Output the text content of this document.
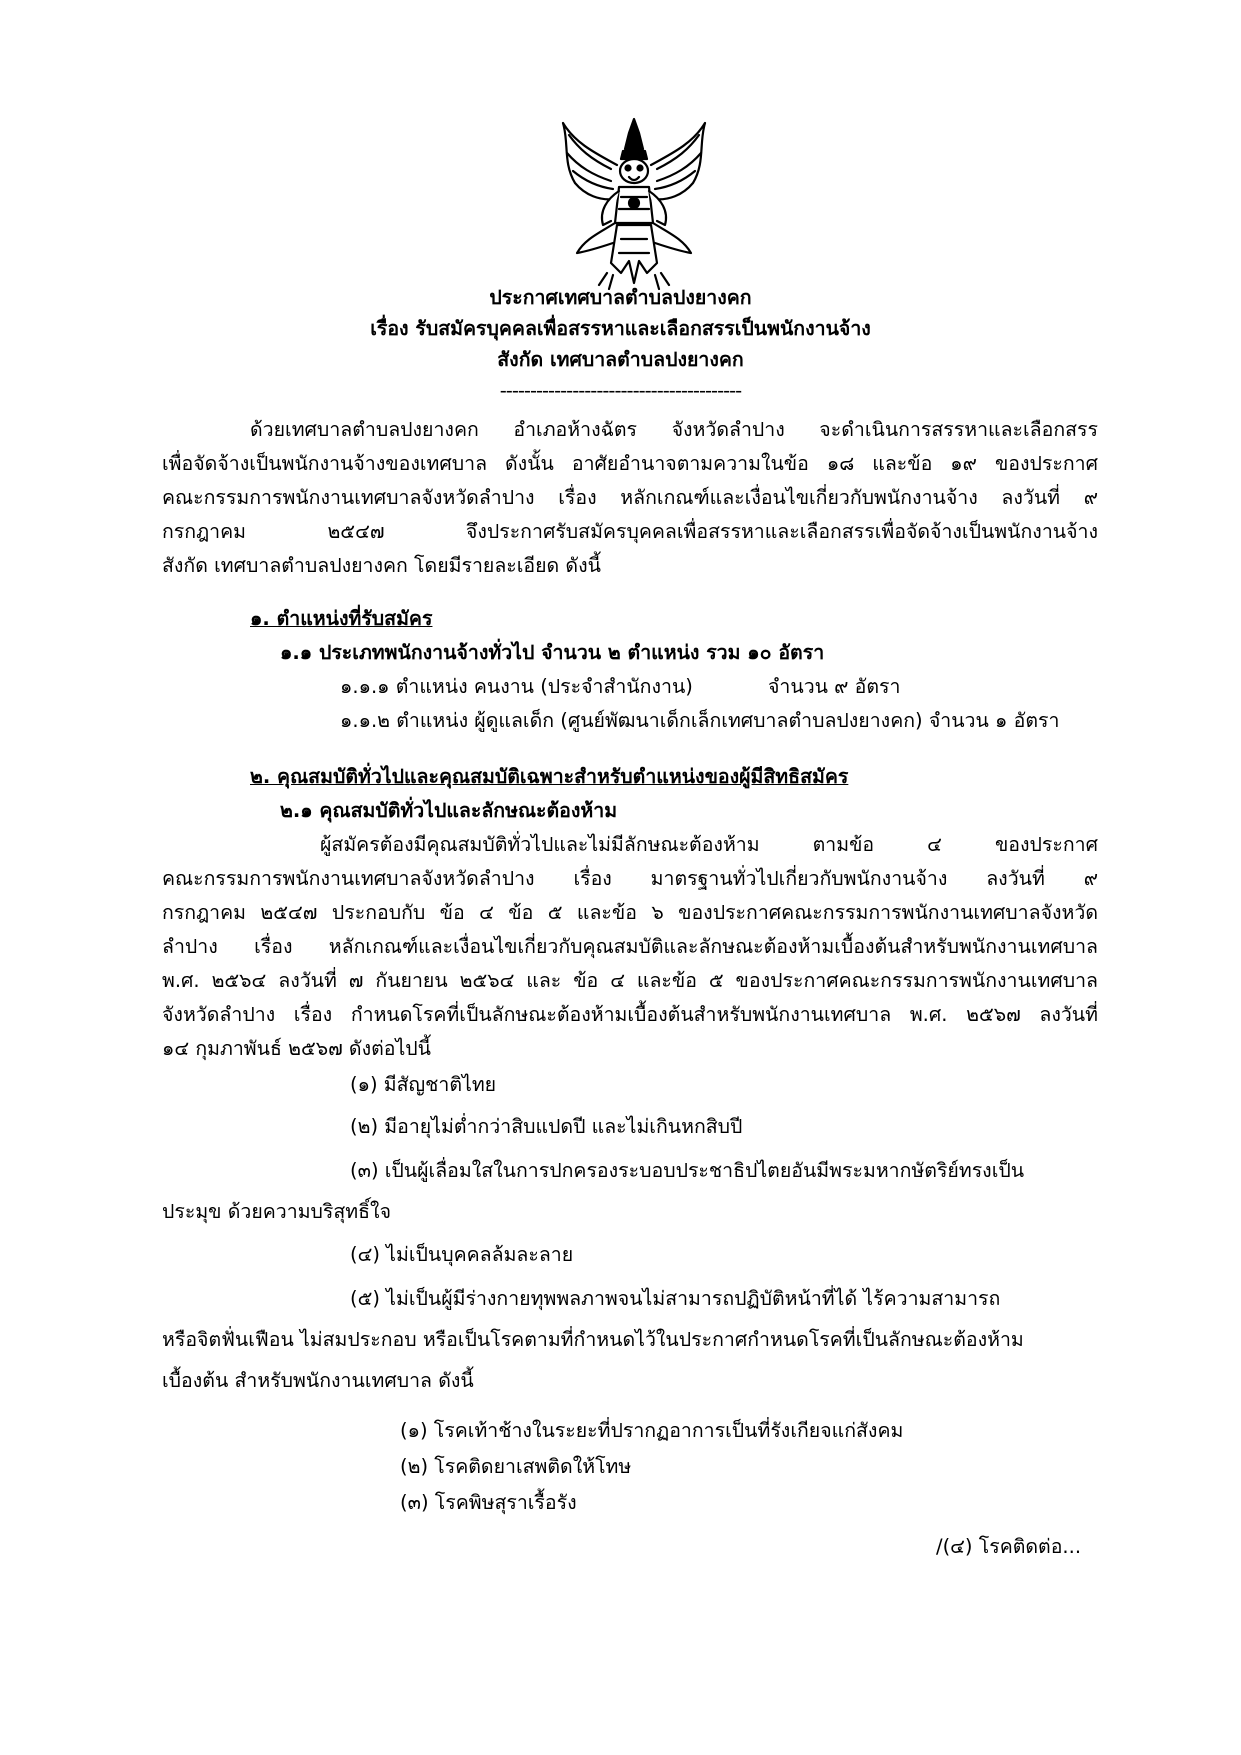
ประกาศเทศบาลตำบลปงยางคก
เรื่อง รับสมัครบุคคลเพื่อสรรหาและเลือกสรรเป็นพนักงานจ้าง
สังกัด เทศบาลตำบลปงยางคก
----------------------------------------
ด้วยเทศบาลตำบลปงยางคก อำเภอห้างฉัตร จังหวัดลำปาง จะดำเนินการสรรหาและเลือกสรร
เพื่อจัดจ้างเป็นพนักงานจ้างของเทศบาล ดังนั้น อาศัยอำนาจตามความในข้อ ๑๘ และข้อ ๑๙ ของประกาศ
คณะกรรมการพนักงานเทศบาลจังหวัดลำปาง เรื่อง หลักเกณฑ์และเงื่อนไขเกี่ยวกับพนักงานจ้าง ลงวันที่ ๙
กรกฎาคม ๒๕๔๗ จึงประกาศรับสมัครบุคคลเพื่อสรรหาและเลือกสรรเพื่อจัดจ้างเป็นพนักงานจ้าง
สังกัด เทศบาลตำบลปงยางคก โดยมีรายละเอียด ดังนี้
๑. ตำแหน่งที่รับสมัคร
๑.๑ ประเภทพนักงานจ้างทั่วไป จำนวน ๒ ตำแหน่ง รวม ๑๐ อัตรา
๑.๑.๑ ตำแหน่ง คนงาน (ประจำสำนักงาน)	จำนวน ๙ อัตรา
๑.๑.๒ ตำแหน่ง ผู้ดูแลเด็ก (ศูนย์พัฒนาเด็กเล็กเทศบาลตำบลปงยางคก) จำนวน ๑ อัตรา
๒. คุณสมบัติทั่วไปและคุณสมบัติเฉพาะสำหรับตำแหน่งของผู้มีสิทธิสมัคร
๒.๑ คุณสมบัติทั่วไปและลักษณะต้องห้าม
ผู้สมัครต้องมีคุณสมบัติทั่วไปและไม่มีลักษณะต้องห้าม ตามข้อ ๔ ของประกาศ
คณะกรรมการพนักงานเทศบาลจังหวัดลำปาง เรื่อง มาตรฐานทั่วไปเกี่ยวกับพนักงานจ้าง ลงวันที่ ๙
กรกฎาคม ๒๕๔๗ ประกอบกับ ข้อ ๔ ข้อ ๕ และข้อ ๖ ของประกาศคณะกรรมการพนักงานเทศบาลจังหวัด
ลำปาง เรื่อง หลักเกณฑ์และเงื่อนไขเกี่ยวกับคุณสมบัติและลักษณะต้องห้ามเบื้องต้นสำหรับพนักงานเทศบาล
พ.ศ. ๒๕๖๔ ลงวันที่ ๗ กันยายน ๒๕๖๔ และ ข้อ ๔ และข้อ ๕ ของประกาศคณะกรรมการพนักงานเทศบาล
จังหวัดลำปาง เรื่อง กำหนดโรคที่เป็นลักษณะต้องห้ามเบื้องต้นสำหรับพนักงานเทศบาล พ.ศ. ๒๕๖๗ ลงวันที่
๑๔ กุมภาพันธ์ ๒๕๖๗ ดังต่อไปนี้
(๑) มีสัญชาติไทย
(๒) มีอายุไม่ต่ำกว่าสิบแปดปี และไม่เกินหกสิบปี
(๓) เป็นผู้เลื่อมใสในการปกครองระบอบประชาธิปไตยอันมีพระมหากษัตริย์ทรงเป็น
ประมุข ด้วยความบริสุทธิ์ใจ
(๔) ไม่เป็นบุคคลล้มละลาย
(๕) ไม่เป็นผู้มีร่างกายทุพพลภาพจนไม่สามารถปฏิบัติหน้าที่ได้ ไร้ความสามารถ
หรือจิตฟั่นเฟือน ไม่สมประกอบ หรือเป็นโรคตามที่กำหนดไว้ในประกาศกำหนดโรคที่เป็นลักษณะต้องห้าม
เบื้องต้น สำหรับพนักงานเทศบาล ดังนี้
(๑) โรคเท้าช้างในระยะที่ปรากฏอาการเป็นที่รังเกียจแก่สังคม
(๒) โรคติดยาเสพติดให้โทษ
(๓) โรคพิษสุราเรื้อรัง
/(๔) โรคติดต่อ...
